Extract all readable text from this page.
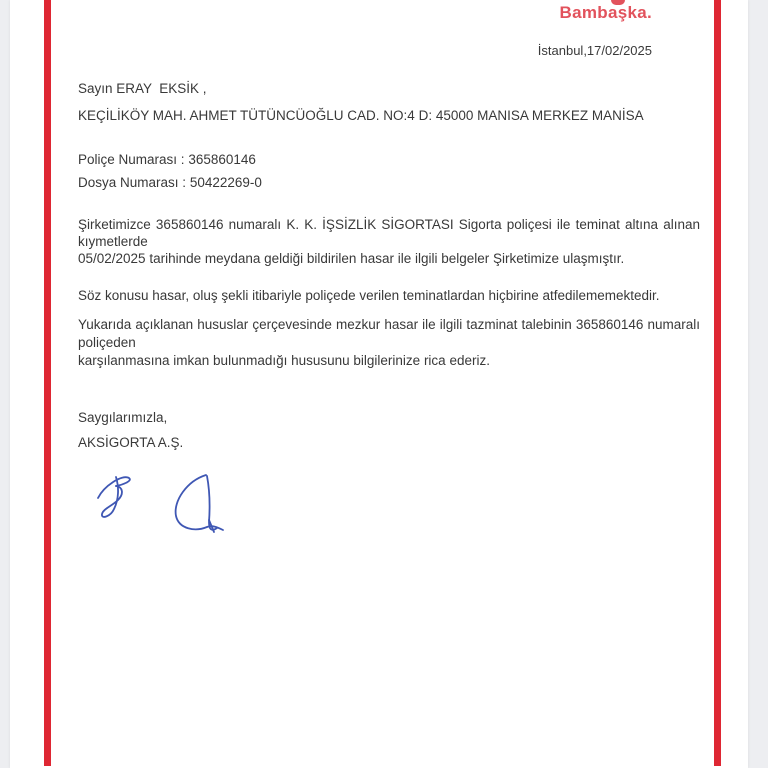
Bambaşka.
İstanbul,17/02/2025
Sayın ERAY  EKSİK ,
KEÇİLİKÖY MAH. AHMET TÜTÜNCÜOĞLU CAD. NO:4 D: 45000 MANISA MERKEZ MANİSA
Poliçe Numarası : 365860146
Dosya Numarası : 50422269-0
Şirketimizce 365860146 numaralı K. K. İŞSİZLİK SİGORTASI Sigorta poliçesi ile teminat altına alınan kıymetlerde
05/02/2025 tarihinde meydana geldiği bildirilen hasar ile ilgili belgeler Şirketimize ulaşmıştır.
Söz konusu hasar, oluş şekli itibariyle poliçede verilen teminatlardan hiçbirine atfedilememektedir.
Yukarıda açıklanan hususlar çerçevesinde mezkur hasar ile ilgili tazminat talebinin 365860146 numaralı poliçeden
karşılanmasına imkan bulunmadığı hususunu bilgilerinize rica ederiz.
Saygılarımızla,
AKSİGORTA A.Ş.
